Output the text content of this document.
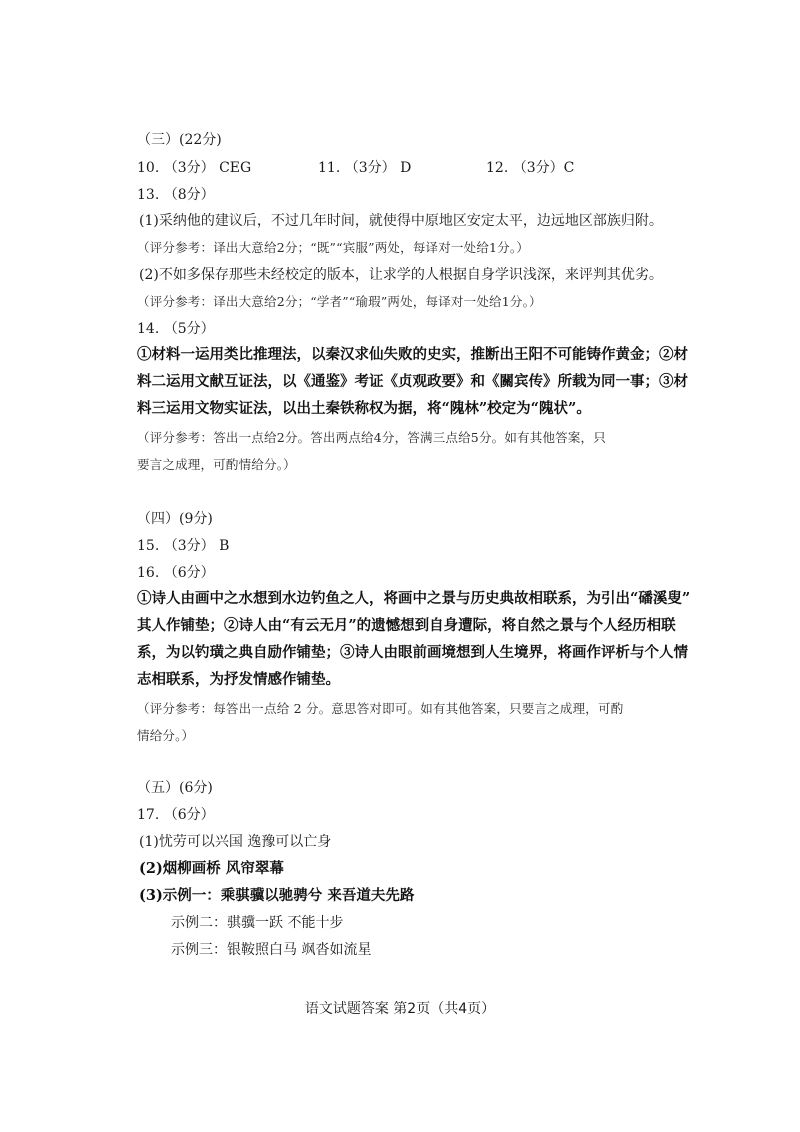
（三）(22分)
10. （3分） CEG	11. （3分） D	12. （3分）C
13. （8分）
(1)采纳他的建议后，不过几年时间，就使得中原地区安定太平，边远地区部族归附。
（评分参考：译出大意给2分；“既”“宾服”两处，每译对一处给1分。）
(2)不如多保存那些未经校定的版本，让求学的人根据自身学识浅深，来评判其优劣。
（评分参考：译出大意给2分；“学者”“瑜瑕”两处，每译对一处给1分。）
14. （5分）
①材料一运用类比推理法，以秦汉求仙失败的史实，推断出王阳不可能铸作黄金；②材
料二运用文献互证法，以《通鉴》考证《贞观政要》和《關宾传》所载为同一事；③材
料三运用文物实证法，以出土秦铁称权为据，将“隗林”校定为“隗状”。
（评分参考：答出一点给2分。答出两点给4分，答满三点给5分。如有其他答案，只
要言之成理，可酌情给分。）
（四）(9分)
15. （3分） B
16. （6分）
①诗人由画中之水想到水边钓鱼之人，将画中之景与历史典故相联系，为引出“磻溪叟”
其人作铺垫；②诗人由“有云无月”的遗憾想到自身遭际，将自然之景与个人经历相联
系，为以钓璜之典自励作铺垫；③诗人由眼前画境想到人生境界，将画作评析与个人情
志相联系，为抒发情感作铺垫。
（评分参考：每答出一点给 2 分。意思答对即可。如有其他答案，只要言之成理，可酌
情给分。）
（五）(6分)
17. （6分）
(1)忧劳可以兴国 逸豫可以亡身
(2)烟柳画桥 风帘翠幕
(3)示例一：乘骐骥以驰骋兮 来吾道夫先路
示例二：骐骥一跃 不能十步
示例三：银鞍照白马 飒沓如流星
语文试题答案 第2页（共4页）
